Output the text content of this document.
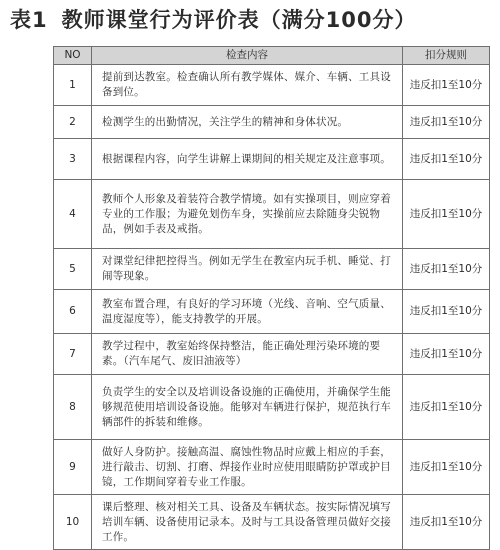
表1 教师课堂行为评价表（满分100分）
NO	检查内容	扣分规则
1	提前到达教室。检查确认所有教学媒体、媒介、车辆、工具设备到位。	违反扣1至10分
2	检测学生的出勤情况，关注学生的精神和身体状况。	违反扣1至10分
3	根据课程内容，向学生讲解上课期间的相关规定及注意事项。	违反扣1至10分
4	教师个人形象及着装符合教学情境。如有实操项目，则应穿着专业的工作服；为避免划伤车身，实操前应去除随身尖锐物品，例如手表及戒指。	违反扣1至10分
5	对课堂纪律把控得当。例如无学生在教室内玩手机、睡觉、打闹等现象。	违反扣1至10分
6	教室布置合理，有良好的学习环境（光线、音响、空气质量、温度湿度等），能支持教学的开展。	违反扣1至10分
7	教学过程中，教室始终保持整洁，能正确处理污染环境的要素。（汽车尾气、废旧油液等）	违反扣1至10分
8	负责学生的安全以及培训设备设施的正确使用，并确保学生能够规范使用培训设备设施。能够对车辆进行保护，规范执行车辆部件的拆装和维修。	违反扣1至10分
9	做好人身防护。接触高温、腐蚀性物品时应戴上相应的手套，进行敲击、切割、打磨、焊接作业时应使用眼睛防护罩或护目镜，工作期间穿着专业工作服。	违反扣1至10分
10	课后整理、核对相关工具、设备及车辆状态。按实际情况填写培训车辆、设备使用记录本。及时与工具设备管理员做好交接工作。	违反扣1至10分
